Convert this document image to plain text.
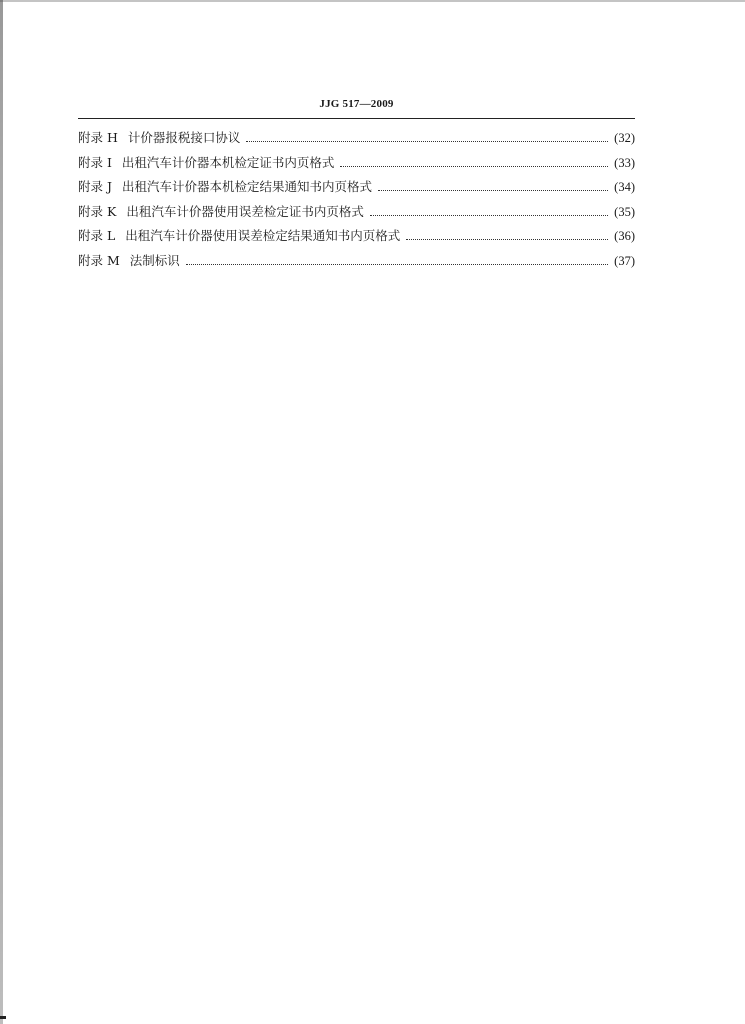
JJG 517—2009
附录 H 计价器报税接口协议	(32)
附录 I 出租汽车计价器本机检定证书内页格式	(33)
附录 J 出租汽车计价器本机检定结果通知书内页格式	(34)
附录 K 出租汽车计价器使用误差检定证书内页格式	(35)
附录 L 出租汽车计价器使用误差检定结果通知书内页格式	(36)
附录 M 法制标识	(37)
